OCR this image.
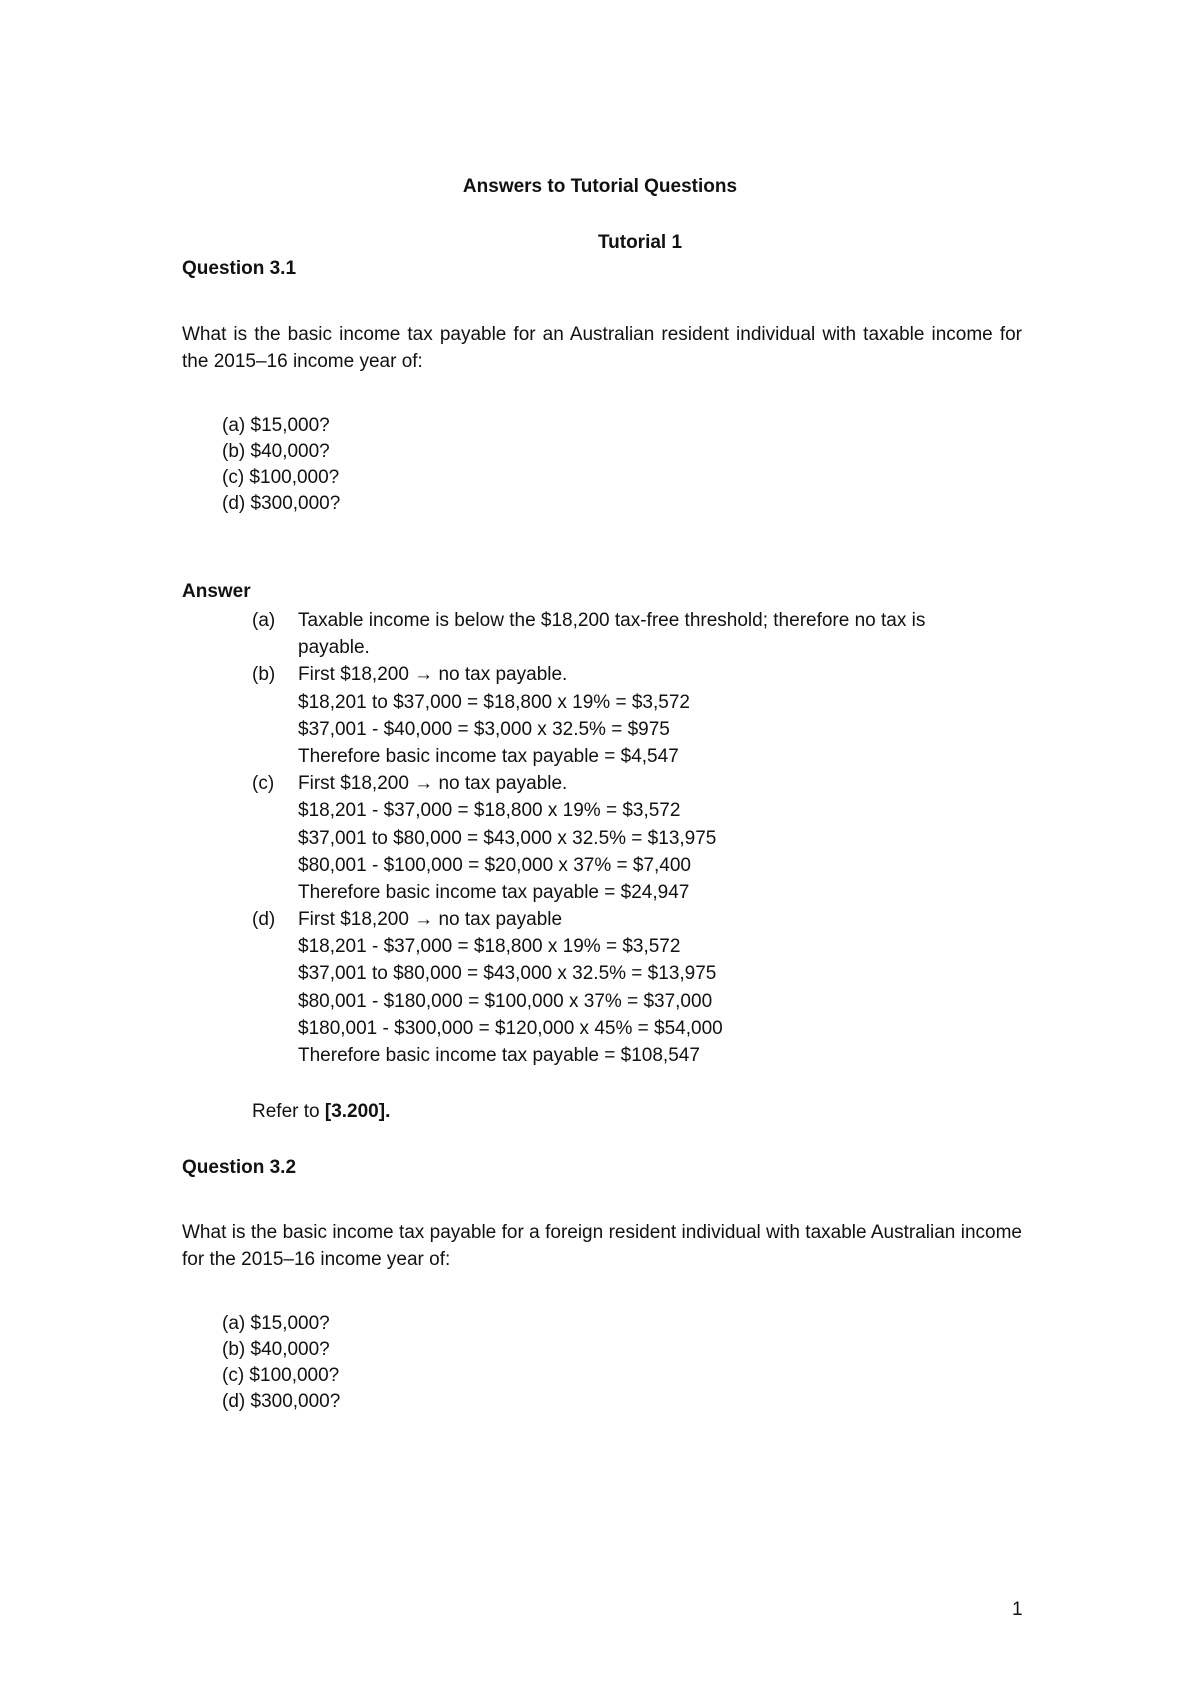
Answers to Tutorial Questions
Tutorial 1
Question 3.1
What is the basic income tax payable for an Australian resident individual with taxable income for the 2015–16 income year of:
(a) $15,000?
(b) $40,000?
(c) $100,000?
(d) $300,000?
Answer
(a) Taxable income is below the $18,200 tax-free threshold; therefore no tax is
payable.
(b) First $18,200 → no tax payable.
$18,201 to $37,000 = $18,800 x 19% = $3,572
$37,001 - $40,000 = $3,000 x 32.5% = $975
Therefore basic income tax payable = $4,547
(c) First $18,200 → no tax payable.
$18,201 - $37,000 = $18,800 x 19% = $3,572
$37,001 to $80,000 = $43,000 x 32.5% = $13,975
$80,001 - $100,000 = $20,000 x 37% = $7,400
Therefore basic income tax payable = $24,947
(d) First $18,200 → no tax payable
$18,201 - $37,000 = $18,800 x 19% = $3,572
$37,001 to $80,000 = $43,000 x 32.5% = $13,975
$80,001 - $180,000 = $100,000 x 37% = $37,000
$180,001 - $300,000 = $120,000 x 45% = $54,000
Therefore basic income tax payable = $108,547
Refer to [3.200].
Question 3.2
What is the basic income tax payable for a foreign resident individual with taxable Australian income for the 2015–16 income year of:
(a) $15,000?
(b) $40,000?
(c) $100,000?
(d) $300,000?
1
